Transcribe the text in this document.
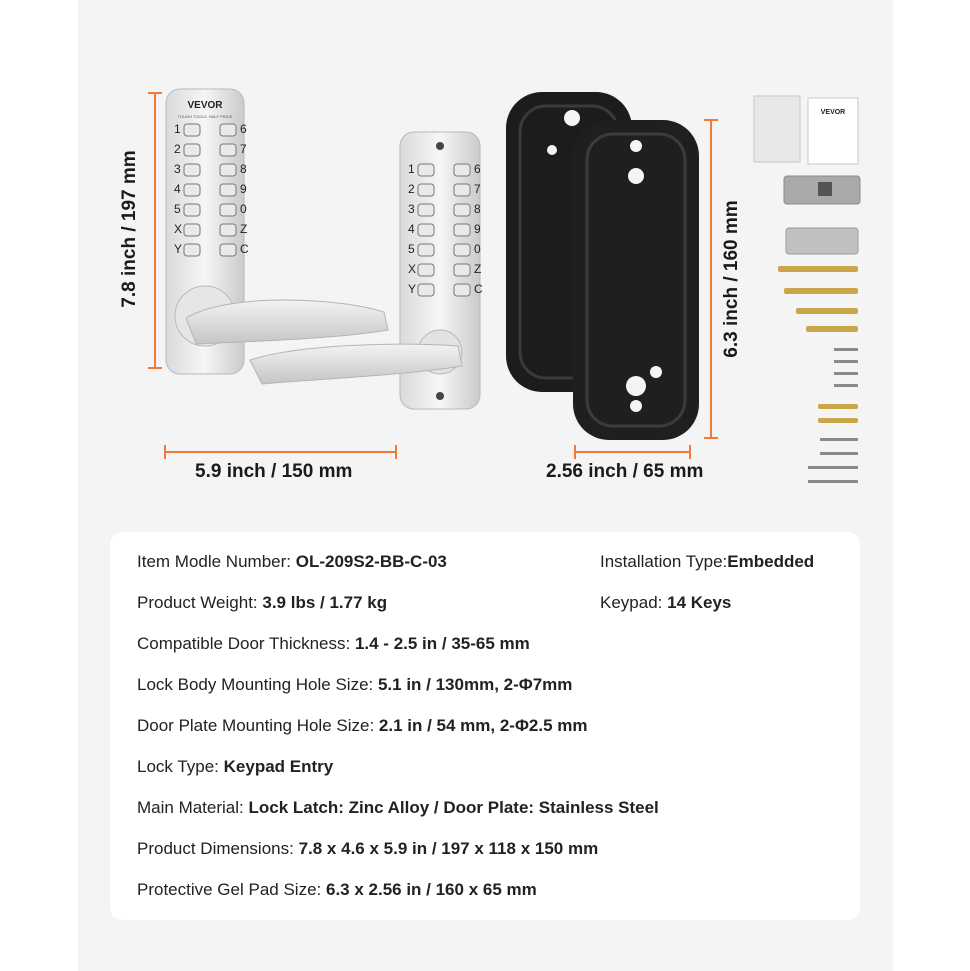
VEVOR
TOUGH TOOLS, HALF PRICE
1
2
3
4
5
X
Y
6
7
8
9
0
Z
C
1
2
3
4
5
X
Y
6
7
8
9
0
Z
C
VEVOR
7.8 inch / 197 mm
5.9 inch / 150 mm
6.3 inch / 160 mm
2.56 inch / 65 mm
Item Modle Number: OL-209S2-BB-C-03	Installation Type:Embedded
Product Weight: 3.9 lbs / 1.77 kg	Keypad: 14 Keys
Compatible Door Thickness: 1.4 - 2.5 in / 35-65 mm
Lock Body Mounting Hole Size: 5.1 in / 130mm, 2-Φ7mm
Door Plate Mounting Hole Size: 2.1 in / 54 mm, 2-Φ2.5 mm
Lock Type: Keypad Entry
Main Material: Lock Latch: Zinc Alloy / Door Plate: Stainless Steel
Product Dimensions: 7.8 x 4.6 x 5.9 in / 197 x 118 x 150 mm
Protective Gel Pad Size: 6.3 x 2.56 in / 160 x 65 mm
